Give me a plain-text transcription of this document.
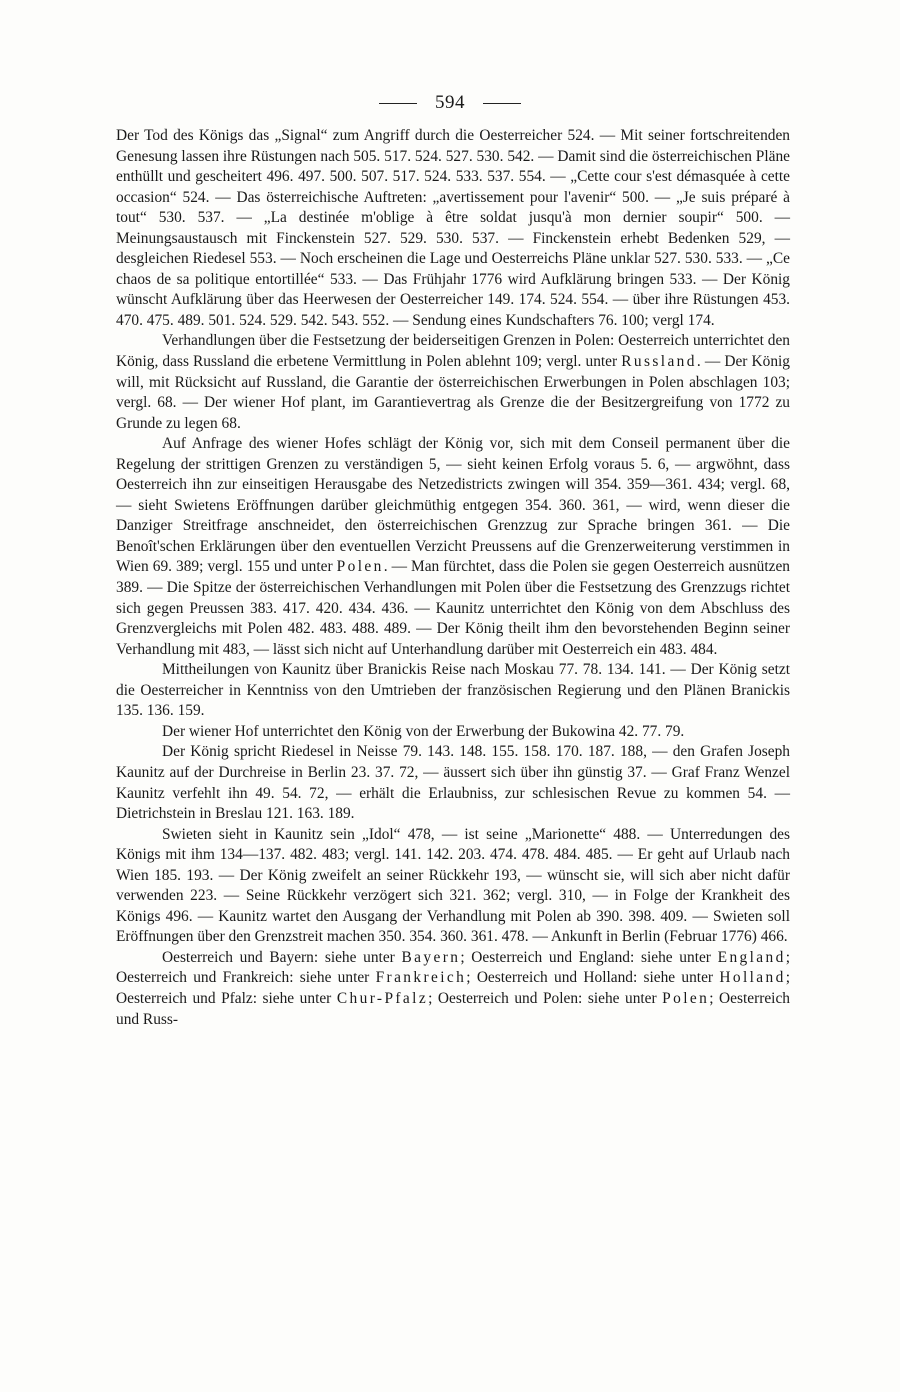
594

Der Tod des Königs das „Signal“ zum Angriff durch die Oesterreicher 524. — Mit seiner fortschreitenden Genesung lassen ihre Rüstungen nach 505. 517. 524. 527. 530. 542. — Damit sind die österreichischen Pläne enthüllt und gescheitert 496. 497. 500. 507. 517. 524. 533. 537. 554. — „Cette cour s'est démasquée à cette occasion“ 524. — Das österreichische Auftreten: „avertissement pour l'avenir“ 500. — „Je suis préparé à tout“ 530. 537. — „La destinée m'oblige à être soldat jusqu'à mon dernier soupir“ 500. — Meinungsaustausch mit Finckenstein 527. 529. 530. 537. — Finckenstein erhebt Bedenken 529, — desgleichen Riedesel 553. — Noch erscheinen die Lage und Oesterreichs Pläne unklar 527. 530. 533. — „Ce chaos de sa politique entortillée“ 533. — Das Frühjahr 1776 wird Aufklärung bringen 533. — Der König wünscht Aufklärung über das Heerwesen der Oesterreicher 149. 174. 524. 554. — über ihre Rüstungen 453. 470. 475. 489. 501. 524. 529. 542. 543. 552. — Sendung eines Kundschafters 76. 100; vergl 174.

Verhandlungen über die Festsetzung der beiderseitigen Grenzen in Polen: Oesterreich unterrichtet den König, dass Russland die erbetene Vermittlung in Polen ablehnt 109; vergl. unter Russland. — Der König will, mit Rücksicht auf Russland, die Garantie der österreichischen Erwerbungen in Polen abschlagen 103; vergl. 68. — Der wiener Hof plant, im Garantievertrag als Grenze die der Besitzergreifung von 1772 zu Grunde zu legen 68.

Auf Anfrage des wiener Hofes schlägt der König vor, sich mit dem Conseil permanent über die Regelung der strittigen Grenzen zu verständigen 5, — sieht keinen Erfolg voraus 5. 6, — argwöhnt, dass Oesterreich ihn zur einseitigen Herausgabe des Netzedistricts zwingen will 354. 359—361. 434; vergl. 68, — sieht Swietens Eröffnungen darüber gleichmüthig entgegen 354. 360. 361, — wird, wenn dieser die Danziger Streitfrage anschneidet, den österreichischen Grenzzug zur Sprache bringen 361. — Die Benoît'schen Erklärungen über den eventuellen Verzicht Preussens auf die Grenzerweiterung verstimmen in Wien 69. 389; vergl. 155 und unter Polen. — Man fürchtet, dass die Polen sie gegen Oesterreich ausnützen 389. — Die Spitze der österreichischen Verhandlungen mit Polen über die Festsetzung des Grenzzugs richtet sich gegen Preussen 383. 417. 420. 434. 436. — Kaunitz unterrichtet den König von dem Abschluss des Grenzvergleichs mit Polen 482. 483. 488. 489. — Der König theilt ihm den bevorstehenden Beginn seiner Verhandlung mit 483, — lässt sich nicht auf Unterhandlung darüber mit Oesterreich ein 483. 484.

Mittheilungen von Kaunitz über Branickis Reise nach Moskau 77. 78. 134. 141. — Der König setzt die Oesterreicher in Kenntniss von den Umtrieben der französischen Regierung und den Plänen Branickis 135. 136. 159.

Der wiener Hof unterrichtet den König von der Erwerbung der Bukowina 42. 77. 79.

Der König spricht Riedesel in Neisse 79. 143. 148. 155. 158. 170. 187. 188, — den Grafen Joseph Kaunitz auf der Durchreise in Berlin 23. 37. 72, — äussert sich über ihn günstig 37. — Graf Franz Wenzel Kaunitz verfehlt ihn 49. 54. 72, — erhält die Erlaubniss, zur schlesischen Revue zu kommen 54. — Dietrichstein in Breslau 121. 163. 189.

Swieten sieht in Kaunitz sein „Idol“ 478, — ist seine „Marionette“ 488. — Unterredungen des Königs mit ihm 134—137. 482. 483; vergl. 141. 142. 203. 474. 478. 484. 485. — Er geht auf Urlaub nach Wien 185. 193. — Der König zweifelt an seiner Rückkehr 193, — wünscht sie, will sich aber nicht dafür verwenden 223. — Seine Rückkehr verzögert sich 321. 362; vergl. 310, — in Folge der Krankheit des Königs 496. — Kaunitz wartet den Ausgang der Verhandlung mit Polen ab 390. 398. 409. — Swieten soll Eröffnungen über den Grenzstreit machen 350. 354. 360. 361. 478. — Ankunft in Berlin (Februar 1776) 466.

Oesterreich und Bayern: siehe unter Bayern; Oesterreich und England: siehe unter England; Oesterreich und Frankreich: siehe unter Frankreich; Oesterreich und Holland: siehe unter Holland; Oesterreich und Pfalz: siehe unter Chur-Pfalz; Oesterreich und Polen: siehe unter Polen; Oesterreich und Russ-
